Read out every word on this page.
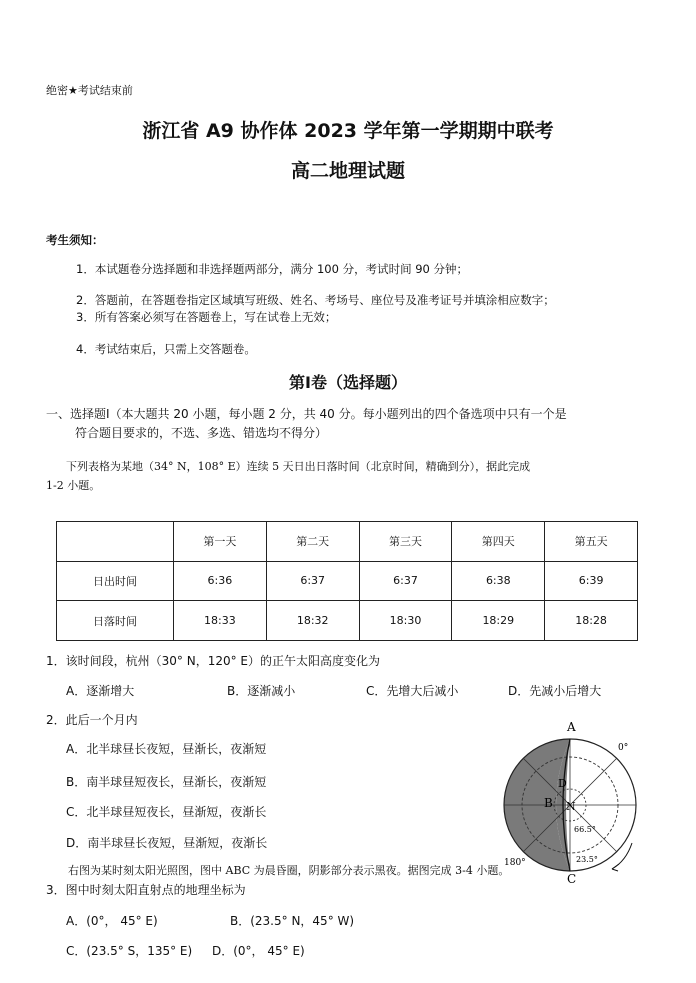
绝密★考试结束前
浙江省 A9 协作体 2023 学年第一学期期中联考
高二地理试题
考生须知：
1．本试题卷分选择题和非选择题两部分，满分 100 分，考试时间 90 分钟；
2．答题前，在答题卷指定区域填写班级、姓名、考场号、座位号及准考证号并填涂相应数字；
3．所有答案必须写在答题卷上，写在试卷上无效；
4．考试结束后，只需上交答题卷。
第Ⅰ卷（选择题）
一、选择题Ⅰ（本大题共 20 小题，每小题 2 分，共 40 分。每小题列出的四个备选项中只有一个是
符合题目要求的，不选、多选、错选均不得分）
下列表格为某地（34° N，108° E）连续 5 天日出日落时间（北京时间，精确到分），据此完成
1-2 小题。
	第一天	第二天	第三天	第四天	第五天
日出时间	6:36	6:37	6:37	6:38	6:39
日落时间	18:33	18:32	18:30	18:29	18:28
1．该时间段，杭州（30° N，120° E）的正午太阳高度变化为
A．逐渐增大	B．逐渐减小	C．先增大后减小	D．先减小后增大
2．此后一个月内
A．北半球昼长夜短，昼渐长，夜渐短
B．南半球昼短夜长，昼渐长，夜渐短
C．北半球昼短夜长，昼渐短，夜渐长
D．南半球昼长夜短，昼渐短，夜渐长
A
B
C
D
N
0°
180°
66.5°
23.5°
右图为某时刻太阳光照图，图中 ABC 为晨昏圈，阴影部分表示黑夜。据图完成 3-4 小题。
3．图中时刻太阳直射点的地理坐标为
A．(0°， 45° E)	B．(23.5° N，45° W)
C．(23.5° S，135° E) D．(0°， 45° E)
